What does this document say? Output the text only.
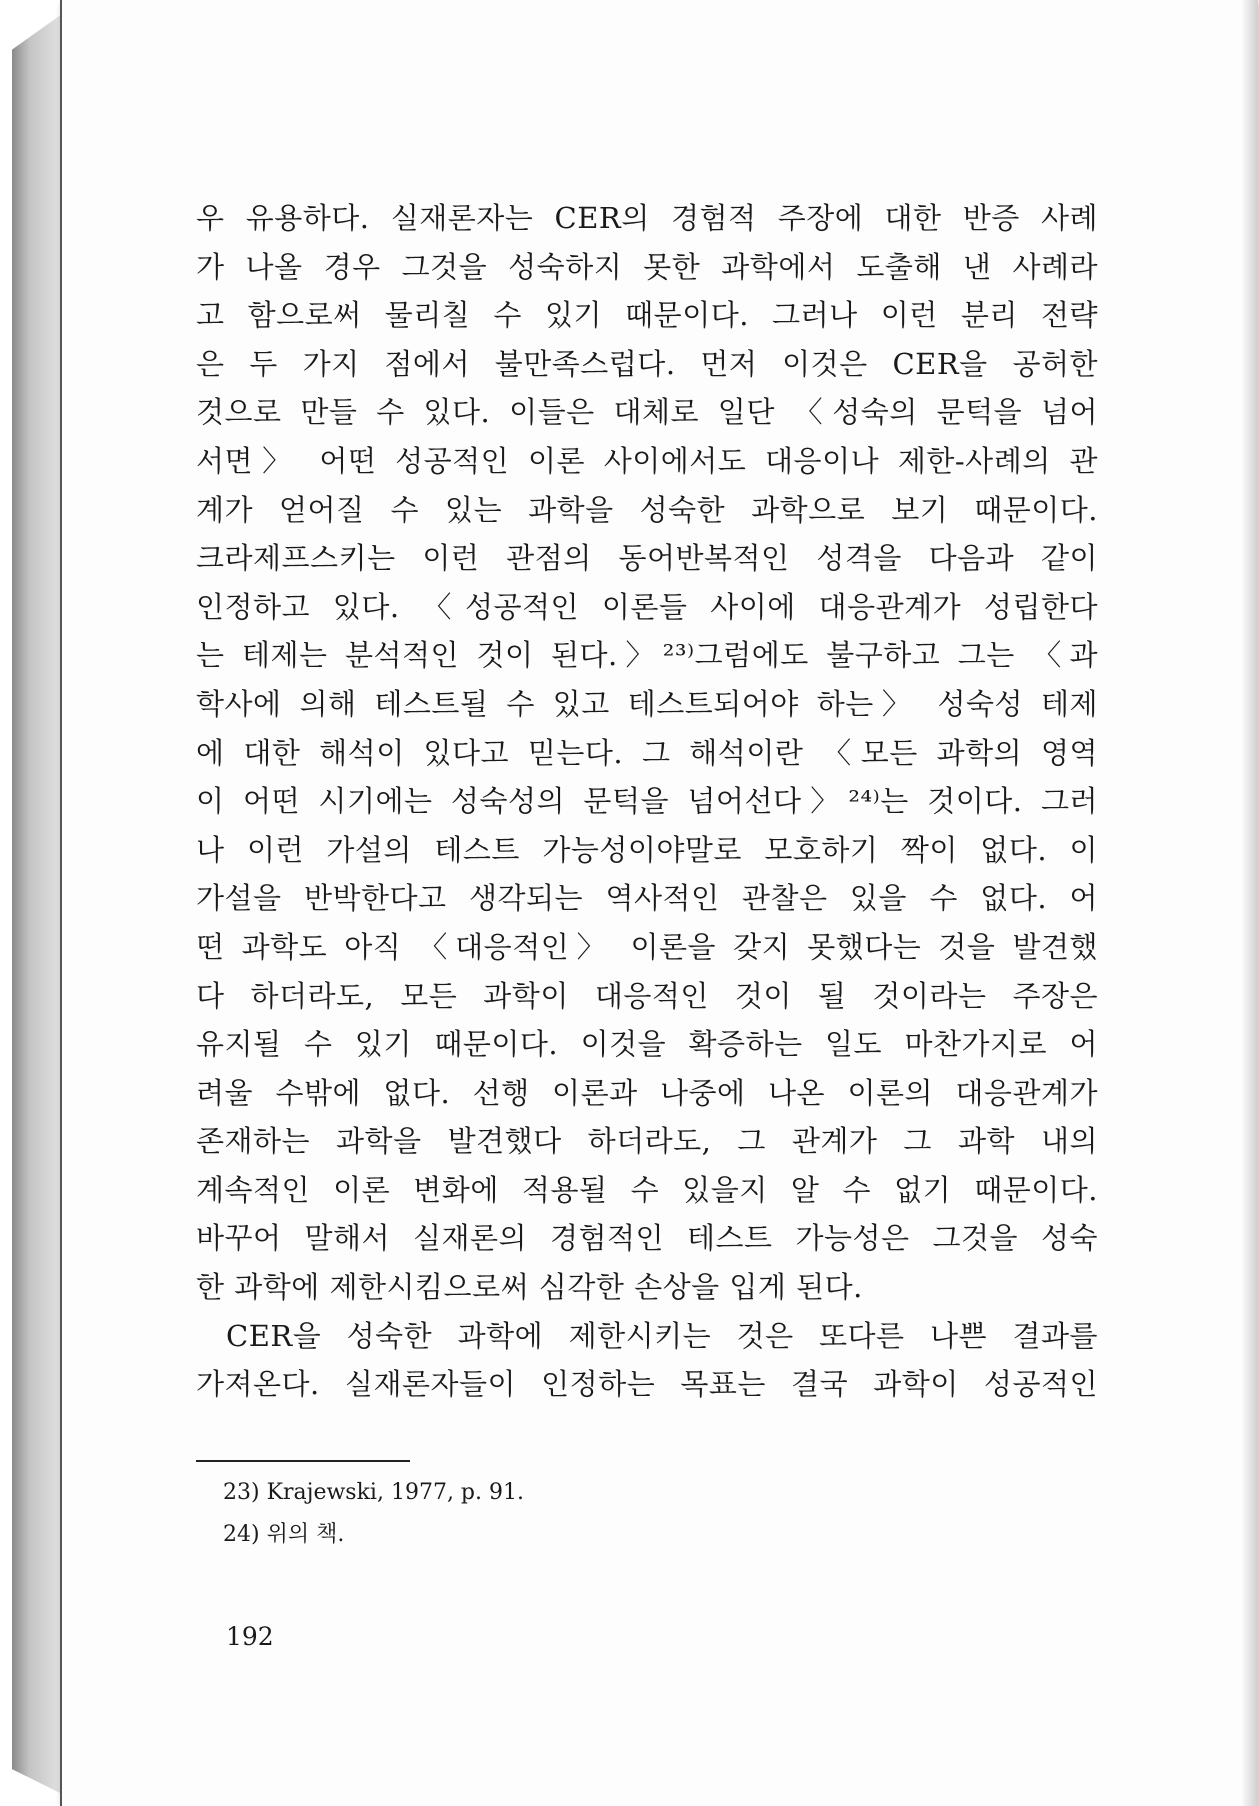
우 유용하다. 실재론자는 CER의 경험적 주장에 대한 반증 사례
가 나올 경우 그것을 성숙하지 못한 과학에서 도출해 낸 사례라
고 함으로써 물리칠 수 있기 때문이다. 그러나 이런 분리 전략
은 두 가지 점에서 불만족스럽다. 먼저 이것은 CER을 공허한
것으로 만들 수 있다. 이들은 대체로 일단 〈성숙의 문턱을 넘어
서면〉 어떤 성공적인 이론 사이에서도 대응이나 제한-사례의 관
계가 얻어질 수 있는 과학을 성숙한 과학으로 보기 때문이다.
크라제프스키는 이런 관점의 동어반복적인 성격을 다음과 같이
인정하고 있다. 〈성공적인 이론들 사이에 대응관계가 성립한다
는 테제는 분석적인 것이 된다.〉²³⁾그럼에도 불구하고 그는 〈과
학사에 의해 테스트될 수 있고 테스트되어야 하는〉 성숙성 테제
에 대한 해석이 있다고 믿는다. 그 해석이란 〈모든 과학의 영역
이 어떤 시기에는 성숙성의 문턱을 넘어선다〉²⁴⁾는 것이다. 그러
나 이런 가설의 테스트 가능성이야말로 모호하기 짝이 없다. 이
가설을 반박한다고 생각되는 역사적인 관찰은 있을 수 없다. 어
떤 과학도 아직 〈대응적인〉 이론을 갖지 못했다는 것을 발견했
다 하더라도, 모든 과학이 대응적인 것이 될 것이라는 주장은
유지될 수 있기 때문이다. 이것을 확증하는 일도 마찬가지로 어
려울 수밖에 없다. 선행 이론과 나중에 나온 이론의 대응관계가
존재하는 과학을 발견했다 하더라도, 그 관계가 그 과학 내의
계속적인 이론 변화에 적용될 수 있을지 알 수 없기 때문이다.
바꾸어 말해서 실재론의 경험적인 테스트 가능성은 그것을 성숙
한 과학에 제한시킴으로써 심각한 손상을 입게 된다.
CER을 성숙한 과학에 제한시키는 것은 또다른 나쁜 결과를
가져온다. 실재론자들이 인정하는 목표는 결국 과학이 성공적인
23) Krajewski, 1977, p. 91.
24) 위의 책.
192
